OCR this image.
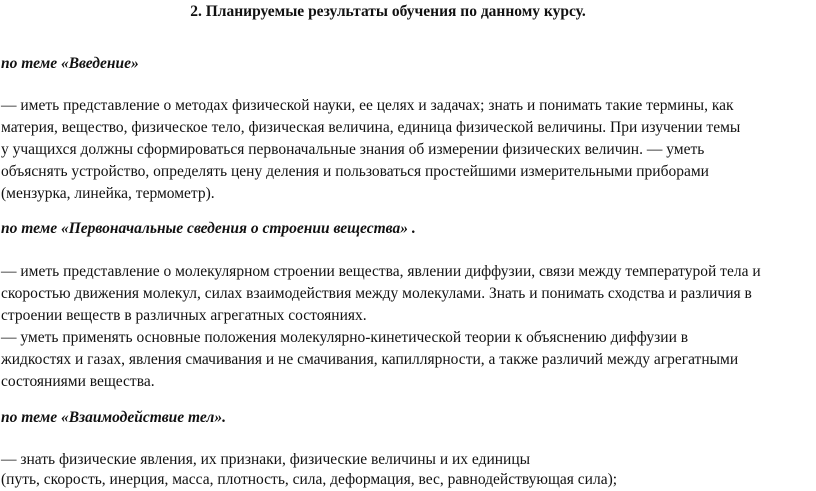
2. Планируемые результаты обучения по данному курсу.
по теме «Введение»
— иметь представление о методах физической науки, ее целях и задачах; знать и понимать такие термины, как
материя, вещество, физическое тело, физическая величина, единица физической величины. При изучении темы
у учащихся должны сформироваться первоначальные знания об измерении физических величин. — уметь
объяснять устройство, определять цену деления и пользоваться простейшими измерительными приборами
(мензурка, линейка, термометр).
по теме «Первоначальные сведения о строении вещества» .
— иметь представление о молекулярном строении вещества, явлении диффузии, связи между температурой тела и
скоростью движения молекул, силах взаимодействия между молекулами. Знать и понимать сходства и различия в
строении веществ в различных агрегатных состояниях.
— уметь применять основные положения молекулярно-кинетической теории к объяснению диффузии в
жидкостях и газах, явления смачивания и не смачивания, капиллярности, а также различий между агрегатными
состояниями вещества.
по теме «Взаимодействие тел».
— знать физические явления, их признаки, физические величины и их единицы
(путь, скорость, инерция, масса, плотность, сила, деформация, вес, равнодействующая сила);
